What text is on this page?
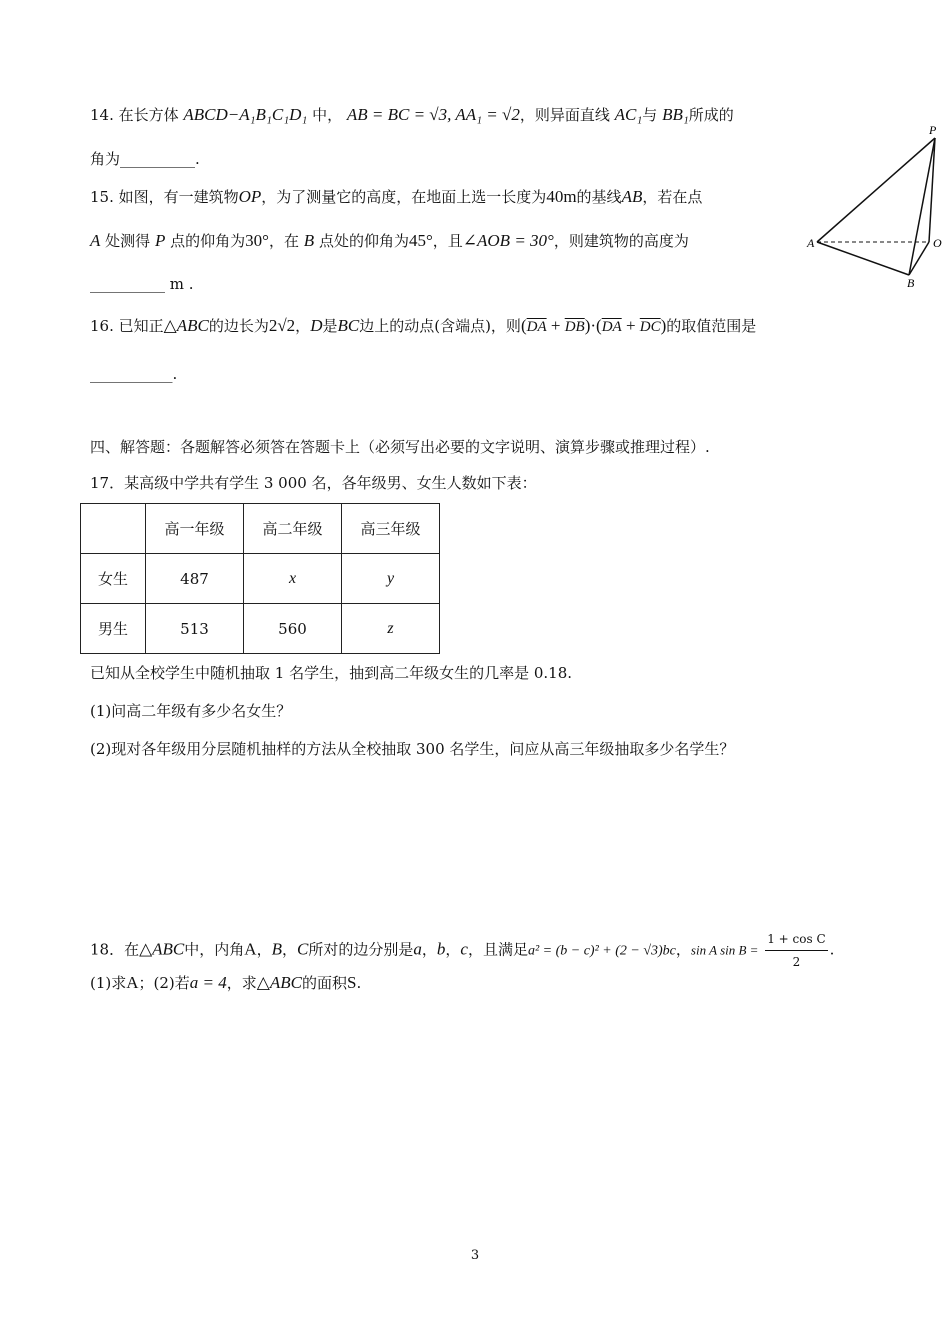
14. 在长方体 ABCD−A₁B₁C₁D₁ 中， AB = BC = √3, AA₁ = √2，则异面直线 AC₁与 BB₁所成的
角为__________.
15. 如图，有一建筑物OP，为了测量它的高度，在地面上选一长度为40m的基线AB，若在点
A 处测得 P 点的仰角为30°，在 B 点处的仰角为45°，且∠AOB = 30°，则建筑物的高度为
__________ m .
P
A	O
B
16. 已知正△ABC的边长为2√2，D是BC边上的动点(含端点)，则$(\overline{DA} + \overline{DB})\cdot(\overline{DA} + \overline{DC})$的取值范围是
___________.
四、解答题：各题解答必须答在答题卡上（必须写出必要的文字说明、演算步骤或推理过程）.
17．某高级中学共有学生 3 000 名，各年级男、女生人数如下表：
	高一年级	高二年级	高三年级
女生	487	x	y
男生	513	560	z
已知从全校学生中随机抽取 1 名学生，抽到高二年级女生的几率是 0.18.
(1)问高二年级有多少名女生？
(2)现对各年级用分层随机抽样的方法从全校抽取 300 名学生，问应从高三年级抽取多少名学生？
18．在△ABC中，内角A，B，C所对的边分别是a，b，c，且满足a² = (b − c)² + (2 − √3)bc，sin A $\sin B = \frac{\text{1 + cos C}}{2}$ .
(1)求A；(2)若a = 4，求△ABC的面积S.
3
